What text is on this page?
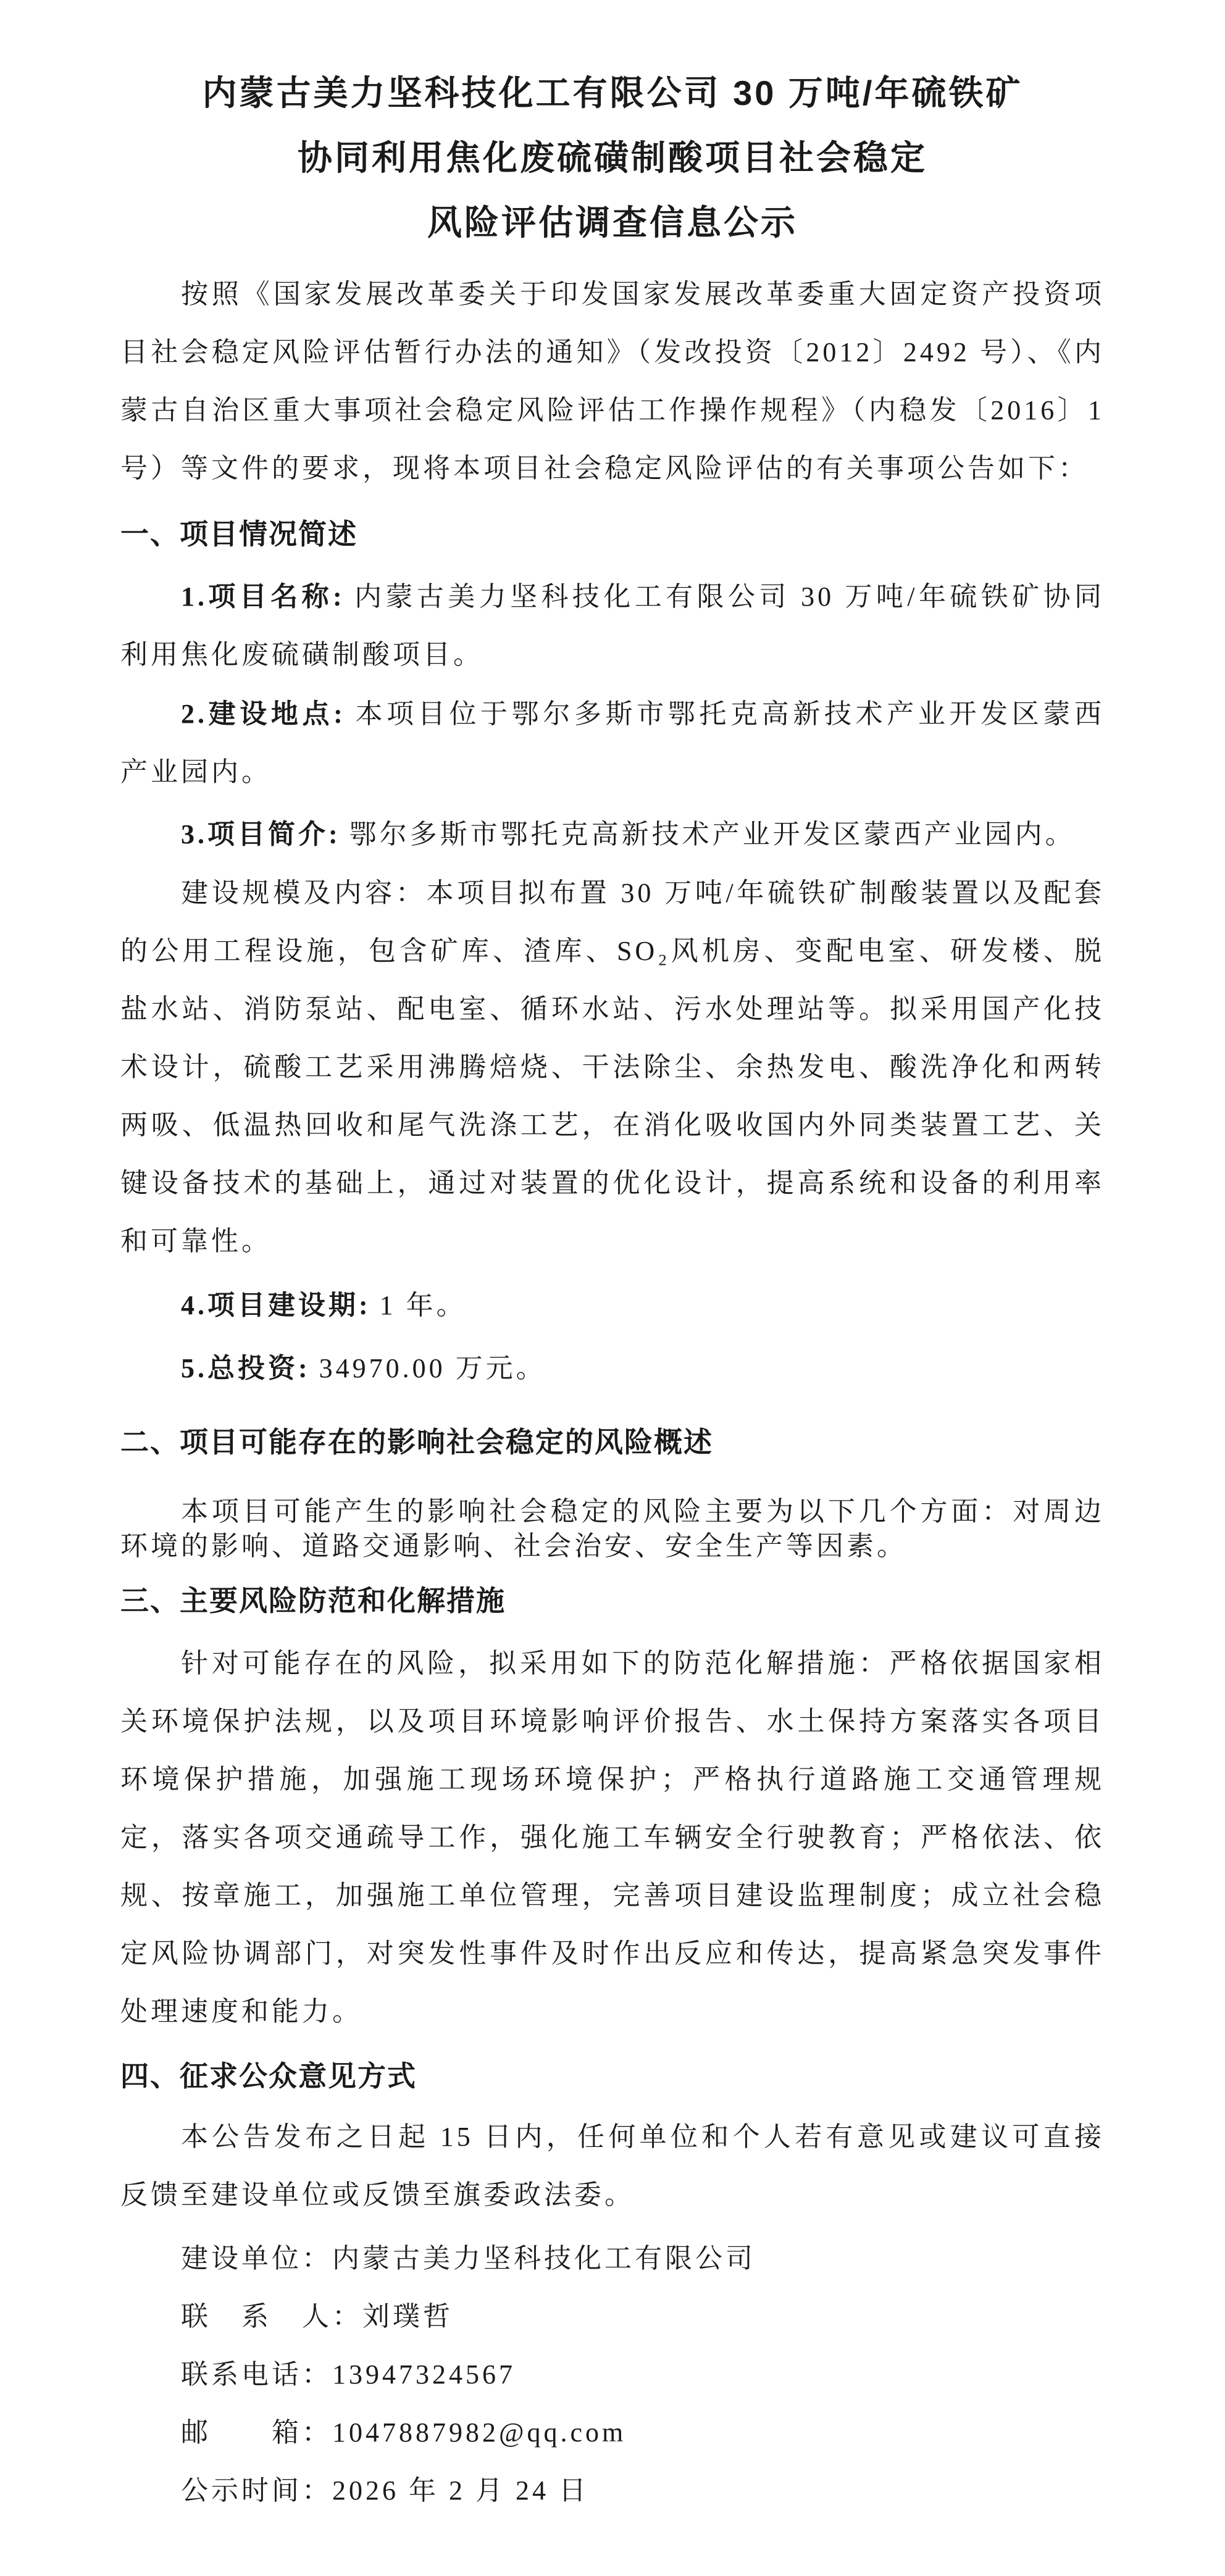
内蒙古美力坚科技化工有限公司 30 万吨/年硫铁矿
协同利用焦化废硫磺制酸项目社会稳定
风险评估调查信息公示

按照《国家发展改革委关于印发国家发展改革委重大固定资产投资项目社会稳定风险评估暂行办法的通知》（发改投资〔2012〕2492 号）、《内蒙古自治区重大事项社会稳定风险评估工作操作规程》（内稳发〔2016〕1 号）等文件的要求，现将本项目社会稳定风险评估的有关事项公告如下：

一、项目情况简述

1.项目名称: 内蒙古美力坚科技化工有限公司 30 万吨/年硫铁矿协同利用焦化废硫磺制酸项目。

2.建设地点: 本项目位于鄂尔多斯市鄂托克高新技术产业开发区蒙西产业园内。

3.项目简介: 鄂尔多斯市鄂托克高新技术产业开发区蒙西产业园内。

建设规模及内容：本项目拟布置 30 万吨/年硫铁矿制酸装置以及配套的公用工程设施，包含矿库、渣库、SO₂风机房、变配电室、研发楼、脱盐水站、消防泵站、配电室、循环水站、污水处理站等。拟采用国产化技术设计，硫酸工艺采用沸腾焙烧、干法除尘、余热发电、酸洗净化和两转两吸、低温热回收和尾气洗涤工艺，在消化吸收国内外同类装置工艺、关键设备技术的基础上，通过对装置的优化设计，提高系统和设备的利用率和可靠性。

4.项目建设期: 1 年。

5.总投资: 34970.00 万元。

二、项目可能存在的影响社会稳定的风险概述

本项目可能产生的影响社会稳定的风险主要为以下几个方面：对周边环境的影响、道路交通影响、社会治安、安全生产等因素。

三、主要风险防范和化解措施

针对可能存在的风险，拟采用如下的防范化解措施：严格依据国家相关环境保护法规，以及项目环境影响评价报告、水土保持方案落实各项目环境保护措施，加强施工现场环境保护；严格执行道路施工交通管理规定，落实各项交通疏导工作，强化施工车辆安全行驶教育；严格依法、依规、按章施工，加强施工单位管理，完善项目建设监理制度；成立社会稳定风险协调部门，对突发性事件及时作出反应和传达，提高紧急突发事件处理速度和能力。

四、征求公众意见方式

本公告发布之日起 15 日内，任何单位和个人若有意见或建议可直接反馈至建设单位或反馈至旗委政法委。

建设单位：内蒙古美力坚科技化工有限公司

联　系　人：刘璞哲

联系电话：13947324567

邮　　箱：1047887982@qq.com

公示时间：2026 年 2 月 24 日
